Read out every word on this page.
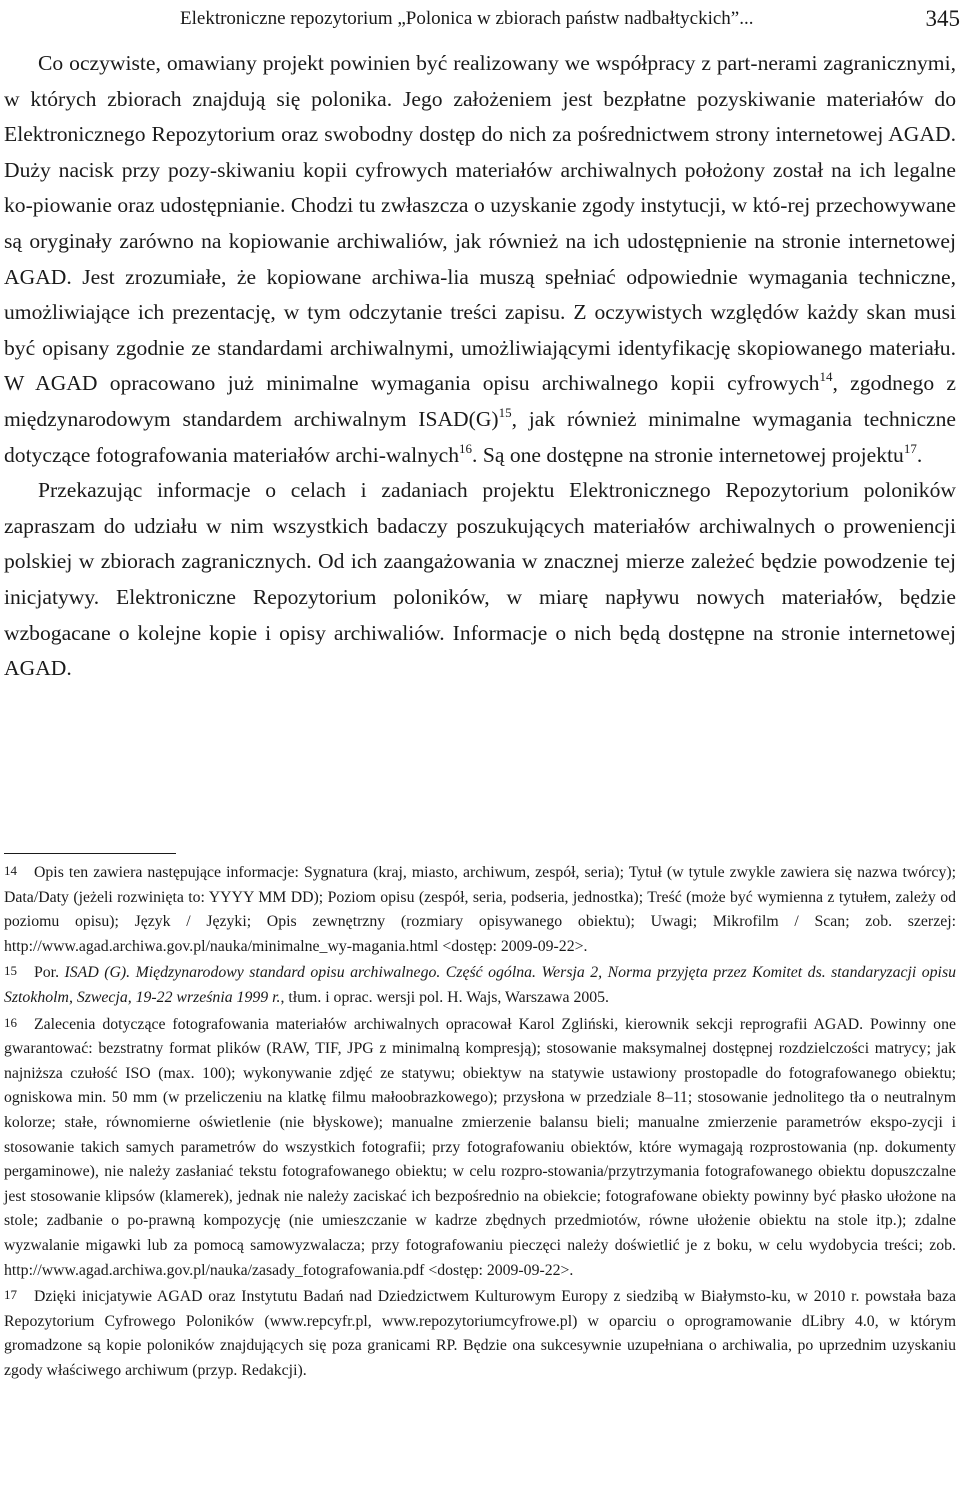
Elektroniczne repozytorium „Polonica w zbiorach państw nadbałtyckich”...	345

Co oczywiste, omawiany projekt powinien być realizowany we współpracy z part-nerami zagranicznymi, w których zbiorach znajdują się polonika. Jego założeniem jest bezpłatne pozyskiwanie materiałów do Elektronicznego Repozytorium oraz swobodny dostęp do nich za pośrednictwem strony internetowej AGAD. Duży nacisk przy pozy-skiwaniu kopii cyfrowych materiałów archiwalnych położony został na ich legalne ko-piowanie oraz udostępnianie. Chodzi tu zwłaszcza o uzyskanie zgody instytucji, w któ-rej przechowywane są oryginały zarówno na kopiowanie archiwaliów, jak również na ich udostępnienie na stronie internetowej AGAD. Jest zrozumiałe, że kopiowane archiwa-lia muszą spełniać odpowiednie wymagania techniczne, umożliwiające ich prezentację, w tym odczytanie treści zapisu. Z oczywistych względów każdy skan musi być opisany zgodnie ze standardami archiwalnymi, umożliwiającymi identyfikację skopiowanego materiału. W AGAD opracowano już minimalne wymagania opisu archiwalnego kopii cyfrowych$^{14}$, zgodnego z międzynarodowym standardem archiwalnym $ISAD(G)^{15}$, jak również minimalne wymagania techniczne dotyczące fotografowania materiałów archi-walnych$^{16}$. Są one dostępne na stronie internetowej projektu$^{17}$.

Przekazując informacje o celach i zadaniach projektu Elektronicznego Repozytorium poloników zapraszam do udziału w nim wszystkich badaczy poszukujących materiałów archiwalnych o proweniencji polskiej w zbiorach zagranicznych. Od ich zaangażowania w znacznej mierze zależeć będzie powodzenie tej inicjatywy. Elektroniczne Repozytorium poloników, w miarę napływu nowych materiałów, będzie wzbogacane o kolejne kopie i opisy archiwaliów. Informacje o nich będą dostępne na stronie internetowej AGAD.

14 Opis ten zawiera następujące informacje: Sygnatura (kraj, miasto, archiwum, zespół, seria); Tytuł (w tytule zwykle zawiera się nazwa twórcy); Data/Daty (jeżeli rozwinięta to: YYYY MM DD); Poziom opisu (zespół, seria, podseria, jednostka); Treść (może być wymienna z tytułem, zależy od poziomu opisu); Język / Języki; Opis zewnętrzny (rozmiary opisywanego obiektu); Uwagi; Mikrofilm / Scan; zob. szerzej: http://www.agad.archiwa.gov.pl/nauka/minimalne_wy-magania.html <dostęp: 2009-09-22>.

15 Por. ISAD (G). Międzynarodowy standard opisu archiwalnego. Część ogólna. Wersja 2, Norma przyjęta przez Komitet ds. standaryzacji opisu Sztokholm, Szwecja, 19-22 września 1999 r., tłum. i oprac. wersji pol. H. Wajs, Warszawa 2005.

16 Zalecenia dotyczące fotografowania materiałów archiwalnych opracował Karol Zgliński, kierownik sekcji reprografii AGAD. Powinny one gwarantować: bezstratny format plików (RAW, TIF, JPG z minimalną kompresją); stosowanie maksymalnej dostępnej rozdzielczości matrycy; jak najniższa czułość ISO (max. 100); wykonywanie zdjęć ze statywu; obiektyw na statywie ustawiony prostopadle do fotografowanego obiektu; ogniskowa min. 50 mm (w przeliczeniu na klatkę filmu małoobrazkowego); przysłona w przedziale 8–11; stosowanie jednolitego tła o neutralnym kolorze; stałe, równomierne oświetlenie (nie błyskowe); manualne zmierzenie balansu bieli; manualne zmierzenie parametrów ekspo-zycji i stosowanie takich samych parametrów do wszystkich fotografii; przy fotografowaniu obiektów, które wymagają rozprostowania (np. dokumenty pergaminowe), nie należy zasłaniać tekstu fotografowanego obiektu; w celu rozpro-stowania/przytrzymania fotografowanego obiektu dopuszczalne jest stosowanie klipsów (klamerek), jednak nie należy zaciskać ich bezpośrednio na obiekcie; fotografowane obiekty powinny być płasko ułożone na stole; zadbanie o po-prawną kompozycję (nie umieszczanie w kadrze zbędnych przedmiotów, równe ułożenie obiektu na stole itp.); zdalne wyzwalanie migawki lub za pomocą samowyzwalacza; przy fotografowaniu pieczęci należy doświetlić je z boku, w celu wydobycia treści; zob. http://www.agad.archiwa.gov.pl/nauka/zasady_fotografowania.pdf <dostęp: 2009-09-22>.

17 Dzięki inicjatywie AGAD oraz Instytutu Badań nad Dziedzictwem Kulturowym Europy z siedzibą w Białymsto-ku, w 2010 r. powstała baza Repozytorium Cyfrowego Poloników (www.repcyfr.pl, www.repozytoriumcyfrowe.pl) w oparciu o oprogramowanie dLibry 4.0, w którym gromadzone są kopie poloników znajdujących się poza granicami RP. Będzie ona sukcesywnie uzupełniana o archiwalia, po uprzednim uzyskaniu zgody właściwego archiwum (przyp. Redakcji).
